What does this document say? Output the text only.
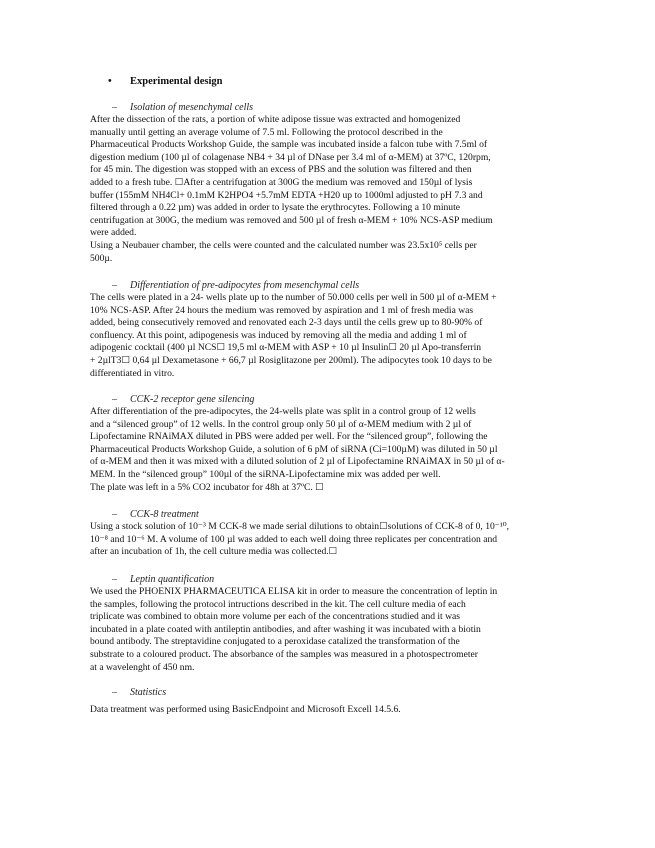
• Experimental design
– Isolation of mesenchymal cells
After the dissection of the rats, a portion of white adipose tissue was extracted and homogenized
manually until getting an average volume of 7.5 ml. Following the protocol described in the
Pharmaceutical Products Workshop Guide, the sample was incubated inside a falcon tube with 7.5ml of
digestion medium (100 µl of colagenase NB4 + 34 µl of DNase per 3.4 ml of α-MEM) at 37ºC, 120rpm,
for 45 min. The digestion was stopped with an excess of PBS and the solution was filtered and then
added to a fresh tube. ☐After a centrifugation at 300G the medium was removed and 150µl of lysis
buffer (155mM NH4Cl+ 0.1mM K2HPO4 +5.7mM EDTA +H20 up to 1000ml adjusted to pH 7.3 and
filtered through a 0.22 µm) was added in order to lysate the erythrocytes. Following a 10 minute
centrifugation at 300G, the medium was removed and 500 µl of fresh α-MEM + 10% NCS-ASP medium
were added.
Using a Neubauer chamber, the cells were counted and the calculated number was 23.5x10⁵ cells per
500µ.
– Differentiation of pre-adipocytes from mesenchymal cells
The cells were plated in a 24- wells plate up to the number of 50.000 cells per well in 500 µl of α-MEM +
10% NCS-ASP. After 24 hours the medium was removed by aspiration and 1 ml of fresh media was
added, being consecutively removed and renovated each 2-3 days until the cells grew up to 80-90% of
confluency. At this point, adipogenesis was induced by removing all the media and adding 1 ml of
adipogenic cocktail (400 µl NCS☐ 19,5 ml α-MEM with ASP + 10 µl Insulin☐ 20 µl Apo-transferrin
+ 2µlT3☐ 0,64 µl Dexametasone + 66,7 µl Rosiglitazone per 200ml). The adipocytes took 10 days to be
differentiated in vitro.
– CCK-2 receptor gene silencing
After differentiation of the pre-adipocytes, the 24-wells plate was split in a control group of 12 wells
and a “silenced group” of 12 wells. In the control group only 50 µl of α-MEM medium with 2 µl of
Lipofectamine RNAiMAX diluted in PBS were added per well. For the “silenced group”, following the
Pharmaceutical Products Workshop Guide, a solution of 6 pM of siRNA (Ci=100µM) was diluted in 50 µl
of α-MEM and then it was mixed with a diluted solution of 2 µl of Lipofectamine RNAiMAX in 50 µl of α-
MEM. In the “silenced group” 100µl of the siRNA-Lipofectamine mix was added per well.
The plate was left in a 5% CO2 incubator for 48h at 37ºC. ☐
– CCK-8 treatment
Using a stock solution of 10⁻³ M CCK-8 we made serial dilutions to obtain☐solutions of CCK-8 of 0, 10⁻¹⁰,
10⁻⁸ and 10⁻⁶ M. A volume of 100 µl was added to each well doing three replicates per concentration and
after an incubation of 1h, the cell culture media was collected.☐
– Leptin quantification
We used the PHOENIX PHARMACEUTICA ELISA kit in order to measure the concentration of leptin in
the samples, following the protocol intructions described in the kit. The cell culture media of each
triplicate was combined to obtain more volume per each of the concentrations studied and it was
incubated in a plate coated with antileptin antibodies, and after washing it was incubated with a biotin
bound antibody. The streptavidine conjugated to a peroxidase catalized the transformation of the
substrate to a coloured product. The absorbance of the samples was measured in a photospectrometer
at a wavelenght of 450 nm.
– Statistics
Data treatment was performed using BasicEndpoint and Microsoft Excell 14.5.6.
